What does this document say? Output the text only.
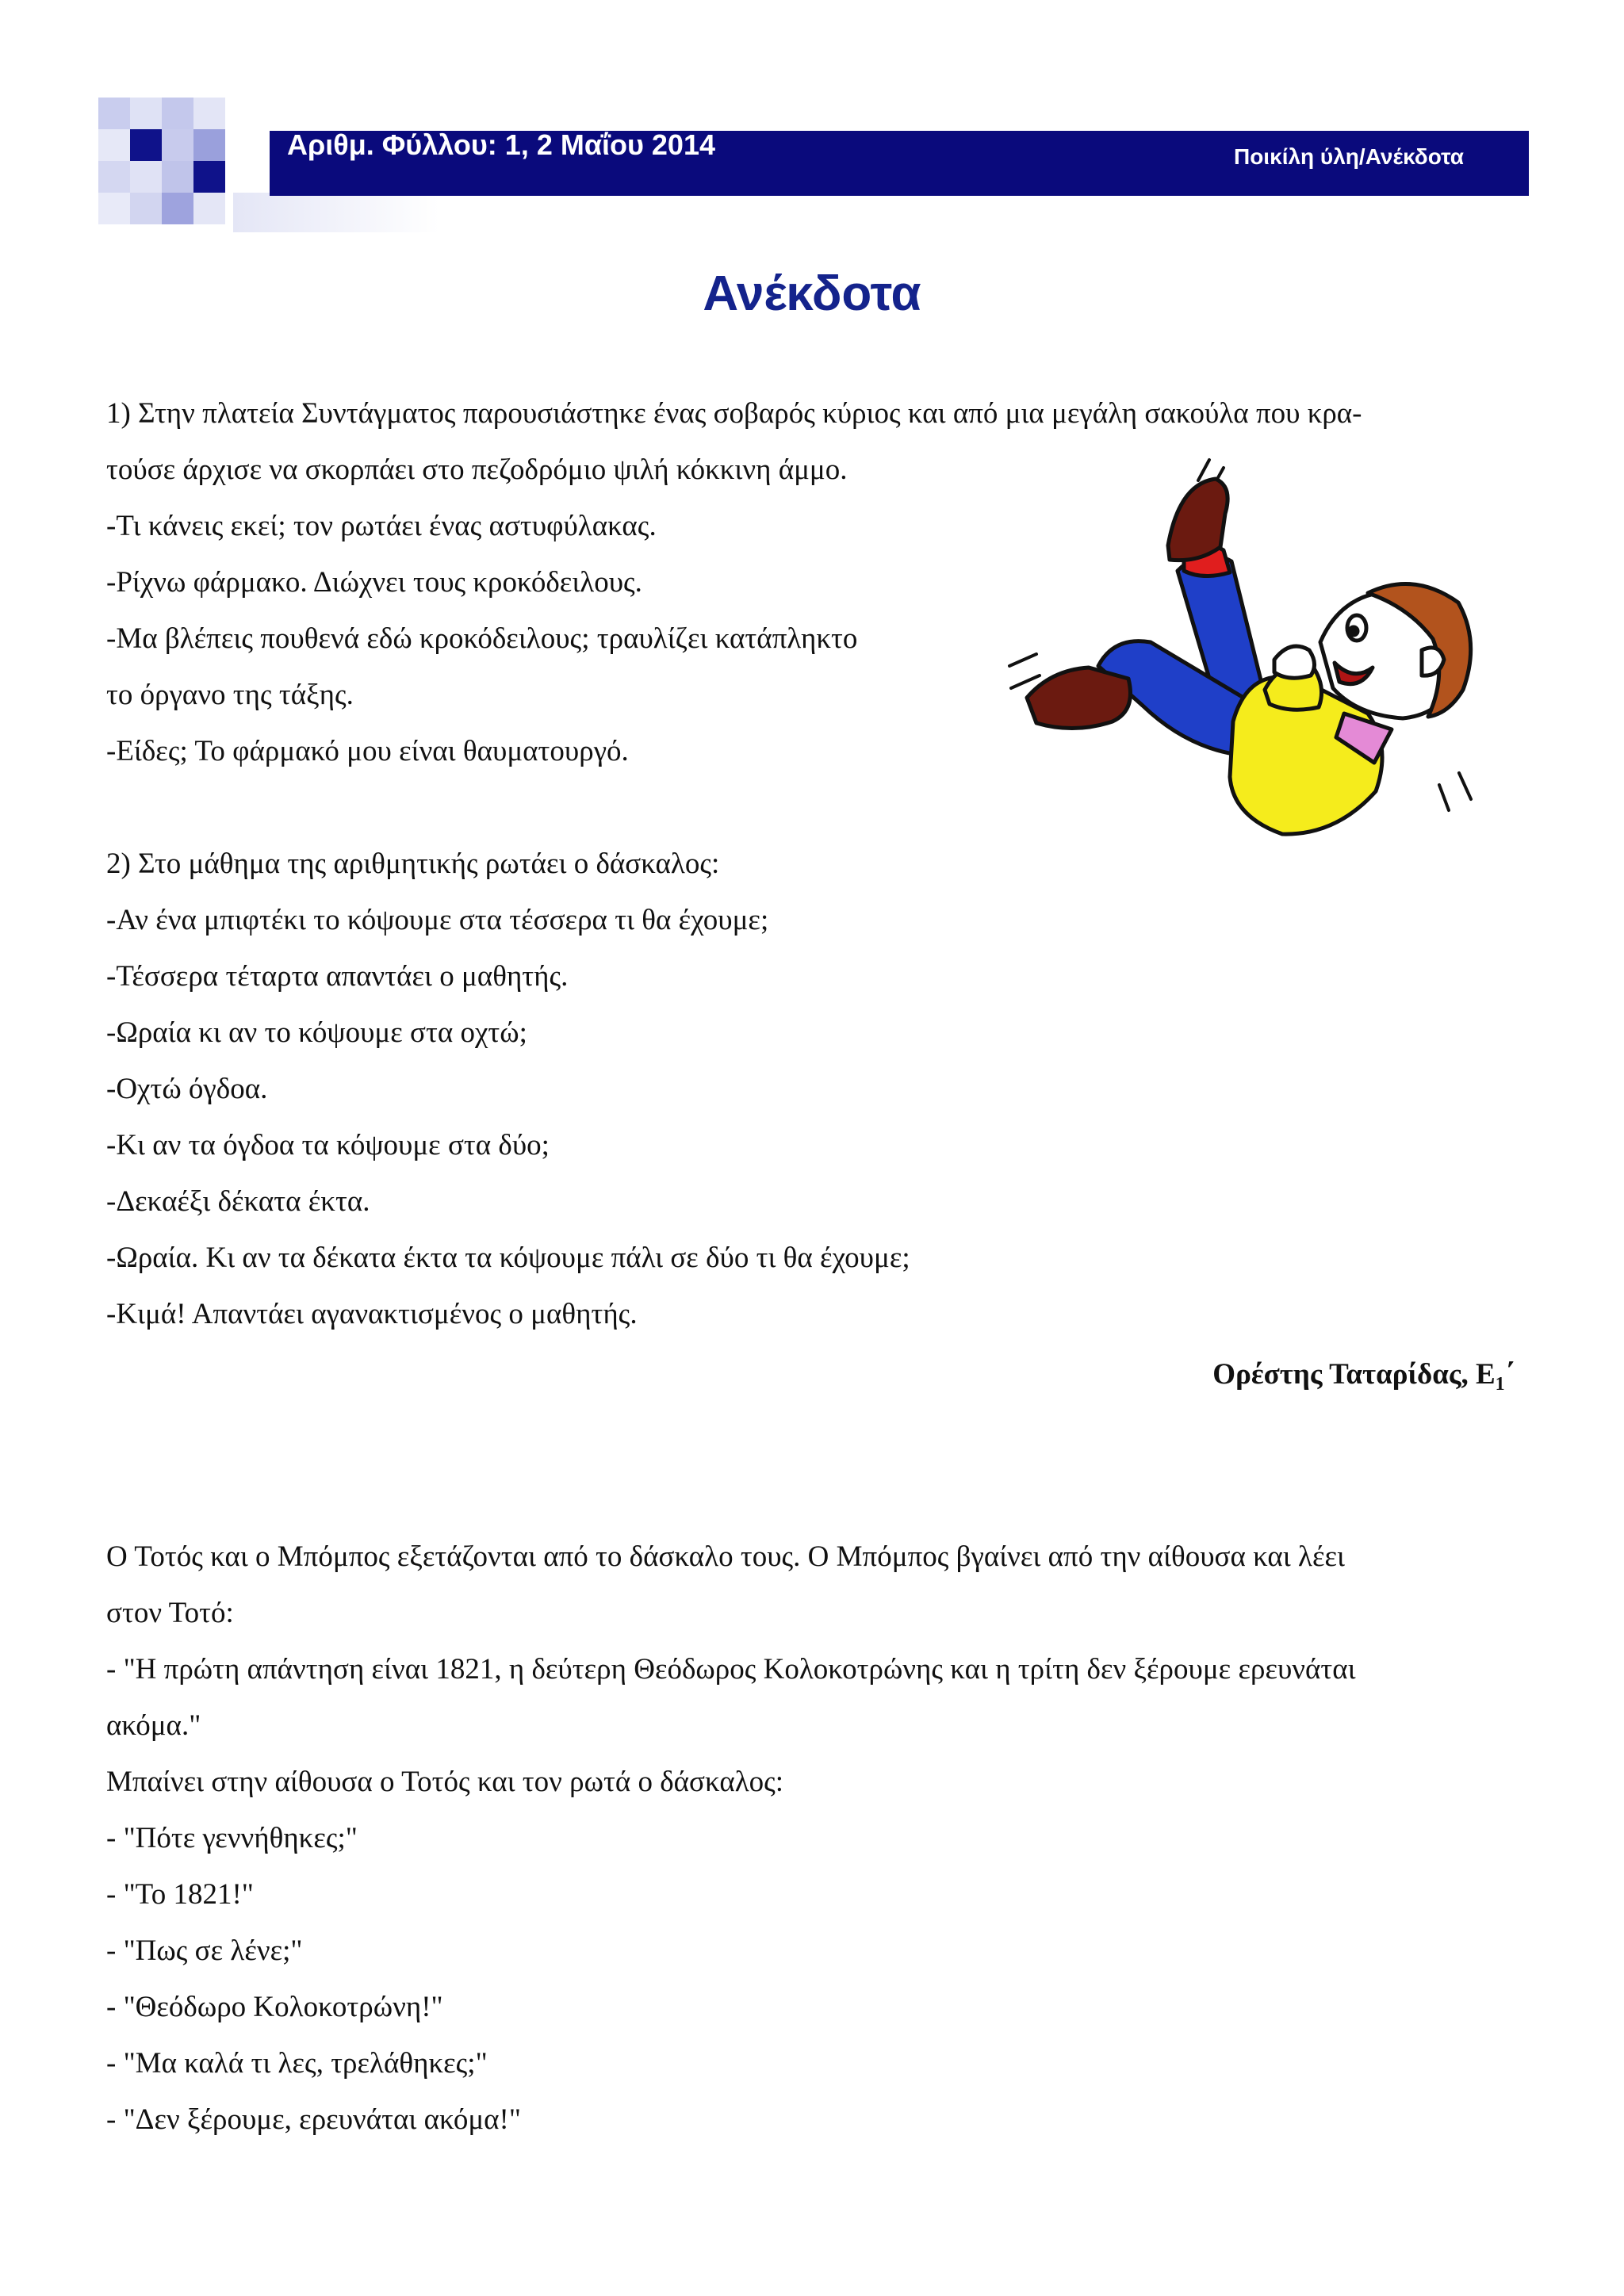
Αριθμ. Φύλλου: 1, 2 Μαΐου 2014	Ποικίλη ύλη/Ανέκδοτα
Ανέκδοτα
1) Στην πλατεία Συντάγματος παρουσιάστηκε ένας σοβαρός κύριος και από μια μεγάλη σακούλα που κρα-
τούσε άρχισε να σκορπάει στο πεζοδρόμιο ψιλή κόκκινη άμμο.
-Τι κάνεις εκεί; τον ρωτάει ένας αστυφύλακας.
-Ρίχνω φάρμακο. Διώχνει τους κροκόδειλους.
-Μα βλέπεις πουθενά εδώ κροκόδειλους; τραυλίζει κατάπληκτο
το όργανο της τάξης.
-Είδες; Το φάρμακό μου είναι θαυματουργό.
2) Στο μάθημα της αριθμητικής ρωτάει ο δάσκαλος:
-Αν ένα μπιφτέκι το κόψουμε στα τέσσερα τι θα έχουμε;
-Τέσσερα τέταρτα απαντάει ο μαθητής.
-Ωραία κι αν το κόψουμε στα οχτώ;
-Οχτώ όγδοα.
-Κι αν τα όγδοα τα κόψουμε στα δύο;
-Δεκαέξι δέκατα έκτα.
-Ωραία. Κι αν τα δέκατα έκτα τα κόψουμε πάλι σε δύο τι θα έχουμε;
-Κιμά! Απαντάει αγανακτισμένος ο μαθητής.
Ορέστης Ταταρίδας, $E_1΄$
Ο Τοτός και ο Μπόμπος εξετάζονται από το δάσκαλο τους. Ο Μπόμπος βγαίνει από την αίθουσα και λέει
στον Τοτό:
- "Η πρώτη απάντηση είναι 1821, η δεύτερη Θεόδωρος Κολοκοτρώνης και η τρίτη δεν ξέρουμε ερευνάται
ακόμα."
Μπαίνει στην αίθουσα ο Τοτός και τον ρωτά ο δάσκαλος:
- "Πότε γεννήθηκες;"
- "Το 1821!"
- "Πως σε λένε;"
- "Θεόδωρο Κολοκοτρώνη!"
- "Μα καλά τι λες, τρελάθηκες;"
- "Δεν ξέρουμε, ερευνάται ακόμα!"
